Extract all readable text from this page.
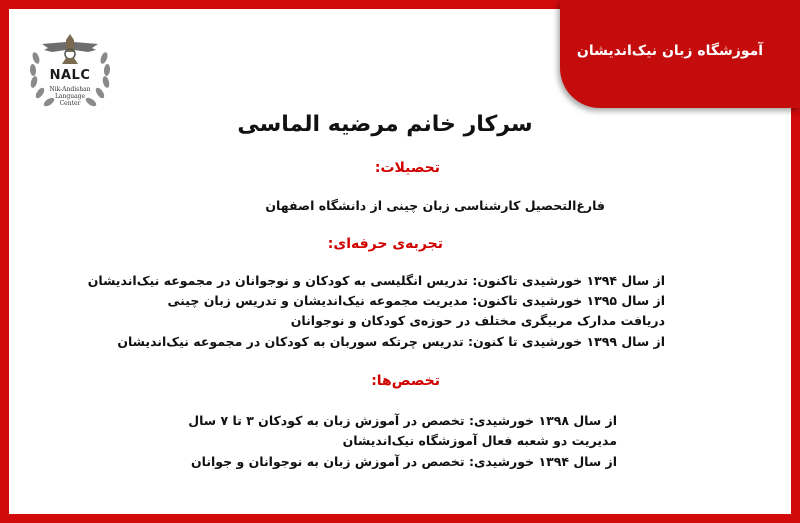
آموزشگاه زبان نیک‌اندیشان
NALC
Nik-Andishan
Language
Center
سرکار خانم مرضیه الماسی
تحصیلات:
فارغ‌التحصیل کارشناسی زبان چینی از دانشگاه اصفهان
تجربه‌ی حرفه‌ای:
از سال ۱۳۹۴ خورشیدی تاکنون: تدریس انگلیسی به کودکان و نوجوانان در مجموعه نیک‌اندیشان
از سال ۱۳۹۵ خورشیدی تاکنون: مدیریت مجموعه نیک‌اندیشان و تدریس زبان چینی
دریافت مدارک مربیگری مختلف در حوزه‌ی کودکان و نوجوانان
از سال ۱۳۹۹ خورشیدی تا کنون: تدریس چرتکه سوربان به کودکان در مجموعه نیک‌اندیشان
تخصص‌ها:
از سال ۱۳۹۸ خورشیدی: تخصص در آموزش زبان به کودکان ۳ تا ۷ سال
مدیریت دو شعبه فعال آموزشگاه نیک‌اندیشان
از سال ۱۳۹۴ خورشیدی: تخصص در آموزش زبان به نوجوانان و جوانان
